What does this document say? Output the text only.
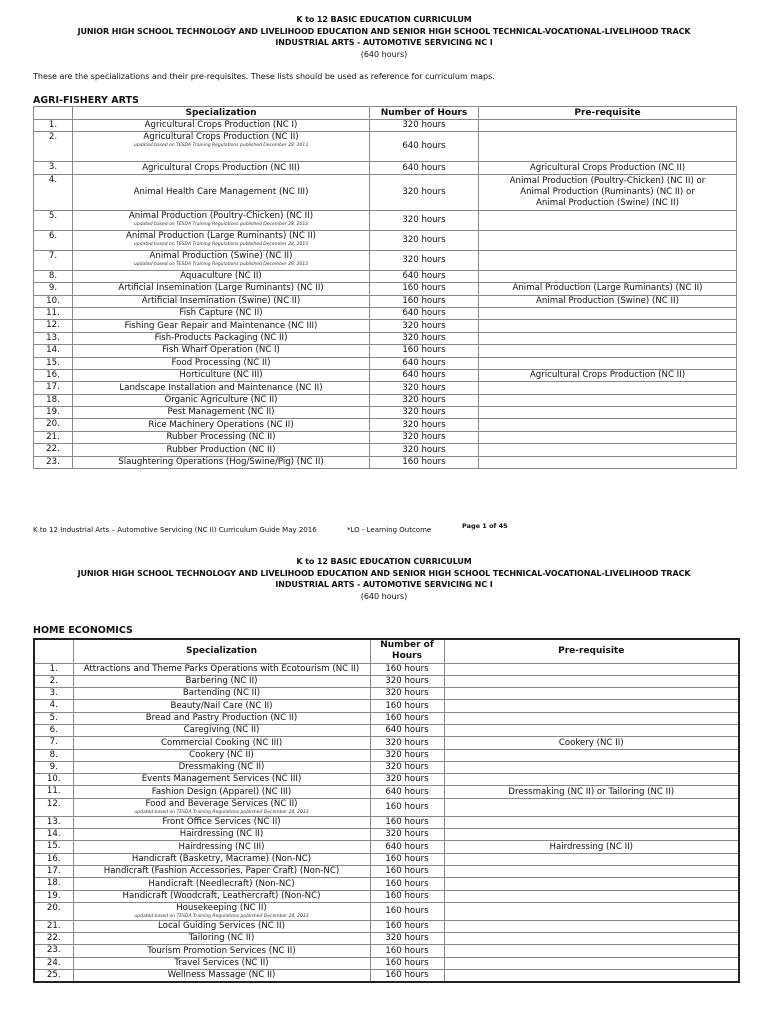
K to 12 BASIC EDUCATION CURRICULUM
JUNIOR HIGH SCHOOL TECHNOLOGY AND LIVELIHOOD EDUCATION AND SENIOR HIGH SCHOOL TECHNICAL-VOCATIONAL-LIVELIHOOD TRACK
INDUSTRIAL ARTS - AUTOMOTIVE SERVICING NC I
(640 hours)
These are the specializations and their pre-requisites. These lists should be used as reference for curriculum maps.
AGRI-FISHERY ARTS
	Specialization	Number of Hours	Pre-requisite
1.	Agricultural Crops Production (NC I)	320 hours	
2.	Agricultural Crops Production (NC II)
updated based on TESDA Training Regulations published December 28, 2013	640 hours	
3.	Agricultural Crops Production (NC III)	640 hours	Agricultural Crops Production (NC II)

4.	Animal Health Care Management (NC III)	320 hours	Animal Production (Poultry-Chicken) (NC II) or
Animal Production (Ruminants) (NC II) or
Animal Production (Swine) (NC II)

5.	Animal Production (Poultry-Chicken) (NC II)
updated based on TESDA Training Regulations published December 28, 2013	320 hours	
6.	Animal Production (Large Ruminants) (NC II)
updated based on TESDA Training Regulations published December 28, 2013	320 hours	
7.	Animal Production (Swine) (NC II)
updated based on TESDA Training Regulations published December 28, 2013	320 hours	
8.	Aquaculture (NC II)	640 hours	
9.	Artificial Insemination (Large Ruminants) (NC II)	160 hours	Animal Production (Large Ruminants) (NC II)

10.	Artificial Insemination (Swine) (NC II)	160 hours	Animal Production (Swine) (NC II)

11.	Fish Capture (NC II)	640 hours	
12.	Fishing Gear Repair and Maintenance (NC III)	320 hours	
13.	Fish-Products Packaging (NC II)	320 hours	
14.	Fish Wharf Operation (NC I)	160 hours	
15.	Food Processing (NC II)	640 hours	
16.	Horticulture (NC III)	640 hours	Agricultural Crops Production (NC II)

17.	Landscape Installation and Maintenance (NC II)	320 hours	
18.	Organic Agriculture (NC II)	320 hours	
19.	Pest Management (NC II)	320 hours	
20.	Rice Machinery Operations (NC II)	320 hours	
21.	Rubber Processing (NC II)	320 hours	
22.	Rubber Production (NC II)	320 hours	
23.	Slaughtering Operations (Hog/Swine/Pig) (NC II)	160 hours	
K to 12 Industrial Arts – Automotive Servicing (NC II) Curriculum Guide May 2016	*LO - Learning Outcome	Page 1 of 45
K to 12 BASIC EDUCATION CURRICULUM
JUNIOR HIGH SCHOOL TECHNOLOGY AND LIVELIHOOD EDUCATION AND SENIOR HIGH SCHOOL TECHNICAL-VOCATIONAL-LIVELIHOOD TRACK
INDUSTRIAL ARTS - AUTOMOTIVE SERVICING NC I
(640 hours)
HOME ECONOMICS
	Specialization	Number of Hours	Pre-requisite
1.	Attractions and Theme Parks Operations with Ecotourism (NC II)	160 hours	
2.	Barbering (NC II)	320 hours	
3.	Bartending (NC II)	320 hours	
4.	Beauty/Nail Care (NC II)	160 hours	
5.	Bread and Pastry Production (NC II)	160 hours	
6.	Caregiving (NC II)	640 hours	
7.	Commercial Cooking (NC III)	320 hours	Cookery (NC II)
8.	Cookery (NC II)	320 hours	
9.	Dressmaking (NC II)	320 hours	
10.	Events Management Services (NC III)	320 hours	
11.	Fashion Design (Apparel) (NC III)	640 hours	Dressmaking (NC II) or Tailoring (NC II)
12.	Food and Beverage Services (NC II)
updated based on TESDA Training Regulations published December 28, 2013	160 hours	
13.	Front Office Services (NC II)	160 hours	
14.	Hairdressing (NC II)	320 hours	
15.	Hairdressing (NC III)	640 hours	Hairdressing (NC II)
16.	Handicraft (Basketry, Macrame) (Non-NC)	160 hours	
17.	Handicraft (Fashion Accessories, Paper Craft) (Non-NC)	160 hours	
18.	Handicraft (Needlecraft) (Non-NC)	160 hours	
19.	Handicraft (Woodcraft, Leathercraft) (Non-NC)	160 hours	
20.	Housekeeping (NC II)
updated based on TESDA Training Regulations published December 28, 2013	160 hours	
21.	Local Guiding Services (NC II)	160 hours	
22.	Tailoring (NC II)	320 hours	
23.	Tourism Promotion Services (NC II)	160 hours	
24.	Travel Services (NC II)	160 hours	
25.	Wellness Massage (NC II)	160 hours	
